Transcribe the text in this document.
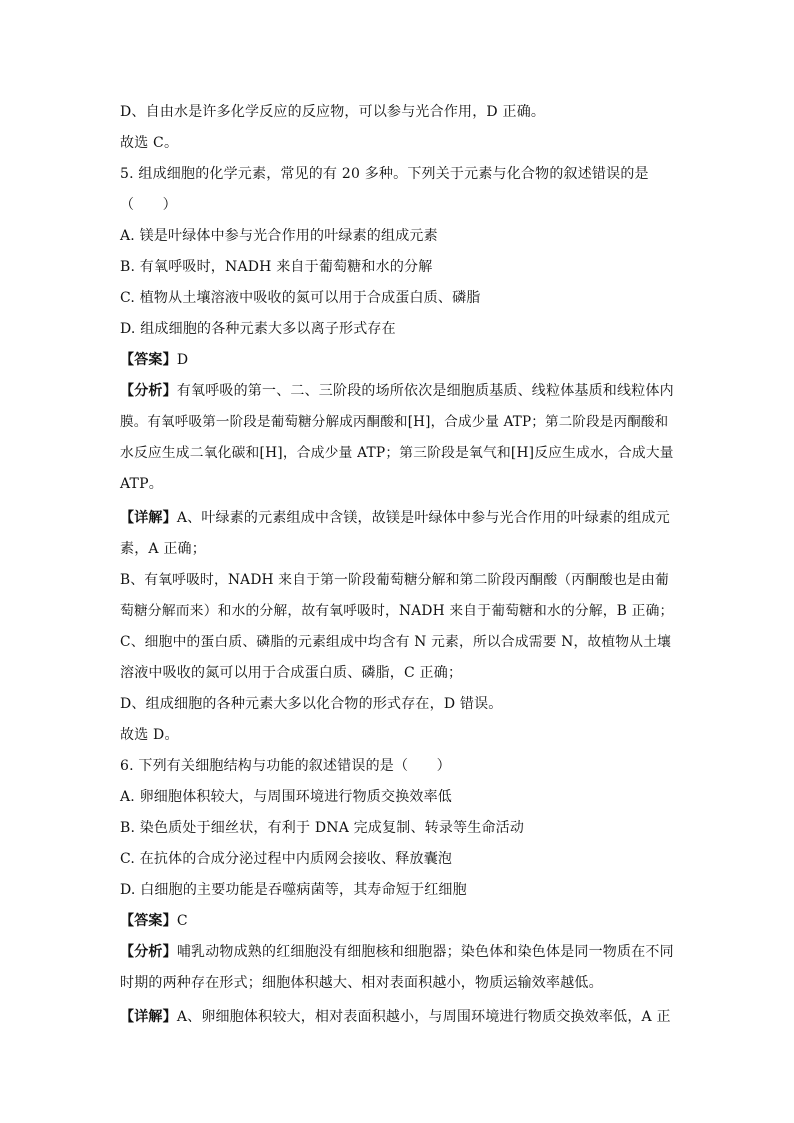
D、自由水是许多化学反应的反应物，可以参与光合作用，D 正确。
故选 C。
5. 组成细胞的化学元素，常见的有 20 多种。下列关于元素与化合物的叙述错误的是
（　　）
A. 镁是叶绿体中参与光合作用的叶绿素的组成元素
B. 有氧呼吸时，NADH 来自于葡萄糖和水的分解
C. 植物从土壤溶液中吸收的氮可以用于合成蛋白质、磷脂
D. 组成细胞的各种元素大多以离子形式存在
【答案】D
【分析】有氧呼吸的第一、二、三阶段的场所依次是细胞质基质、线粒体基质和线粒体内
膜。有氧呼吸第一阶段是葡萄糖分解成丙酮酸和[H]，合成少量 ATP；第二阶段是丙酮酸和
水反应生成二氧化碳和[H]，合成少量 ATP；第三阶段是氧气和[H]反应生成水，合成大量
ATP。
【详解】A、叶绿素的元素组成中含镁，故镁是叶绿体中参与光合作用的叶绿素的组成元
素，A 正确；
B、有氧呼吸时，NADH 来自于第一阶段葡萄糖分解和第二阶段丙酮酸（丙酮酸也是由葡
萄糖分解而来）和水的分解，故有氧呼吸时，NADH 来自于葡萄糖和水的分解，B 正确；
C、细胞中的蛋白质、磷脂的元素组成中均含有 N 元素，所以合成需要 N，故植物从土壤
溶液中吸收的氮可以用于合成蛋白质、磷脂，C 正确；
D、组成细胞的各种元素大多以化合物的形式存在，D 错误。
故选 D。
6. 下列有关细胞结构与功能的叙述错误的是（　　）
A. 卵细胞体积较大，与周围环境进行物质交换效率低
B. 染色质处于细丝状，有利于 DNA 完成复制、转录等生命活动
C. 在抗体的合成分泌过程中内质网会接收、释放囊泡
D. 白细胞的主要功能是吞噬病菌等，其寿命短于红细胞
【答案】C
【分析】哺乳动物成熟的红细胞没有细胞核和细胞器；染色体和染色体是同一物质在不同
时期的两种存在形式；细胞体积越大、相对表面积越小，物质运输效率越低。
【详解】A、卵细胞体积较大，相对表面积越小，与周围环境进行物质交换效率低，A 正
